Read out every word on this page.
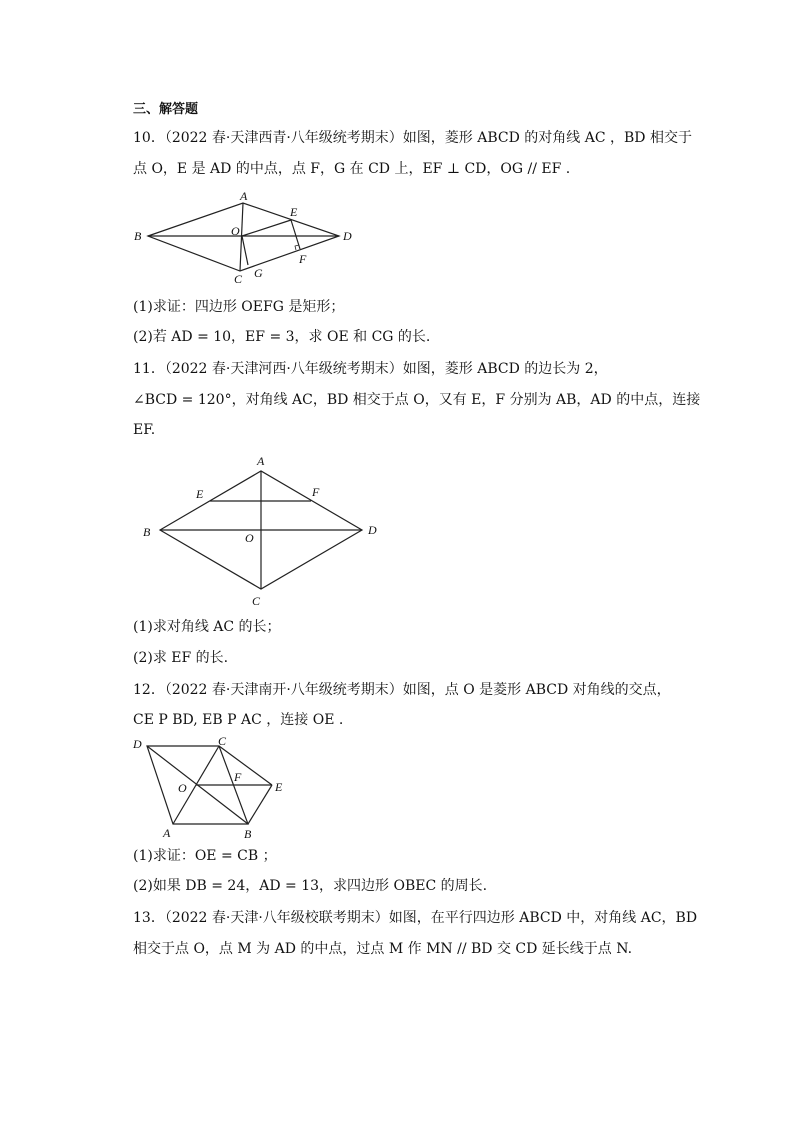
三、解答题
10．（2022 春·天津西青·八年级统考期末）如图，菱形 ABCD 的对角线 AC ，BD 相交于
点 O，E 是 AD 的中点，点 F，G 在 CD 上，EF ⊥ CD，OG // EF .
A
B
C
D
O
E
F
G
(1)求证：四边形 OEFG 是矩形；
(2)若 AD = 10，EF = 3，求 OE 和 CG 的长.
11．（2022 春·天津河西·八年级统考期末）如图，菱形 ABCD 的边长为 2，
∠BCD = 120°，对角线 AC，BD 相交于点 O，又有 E，F 分别为 AB，AD 的中点，连接
EF.
A
B
C
D
O
E	F
(1)求对角线 AC 的长；
(2)求 EF 的长.
12．（2022 春·天津南开·八年级统考期末）如图，点 O 是菱形 ABCD 对角线的交点，
CE P BD, EB P AC ，连接 OE .
A	B
C
D
O	E
F
(1)求证：OE = CB ；
(2)如果 DB = 24，AD = 13，求四边形 OBEC 的周长.
13．（2022 春·天津·八年级校联考期末）如图，在平行四边形 ABCD 中，对角线 AC，BD
相交于点 O，点 M 为 AD 的中点，过点 M 作 MN // BD 交 CD 延长线于点 N.
